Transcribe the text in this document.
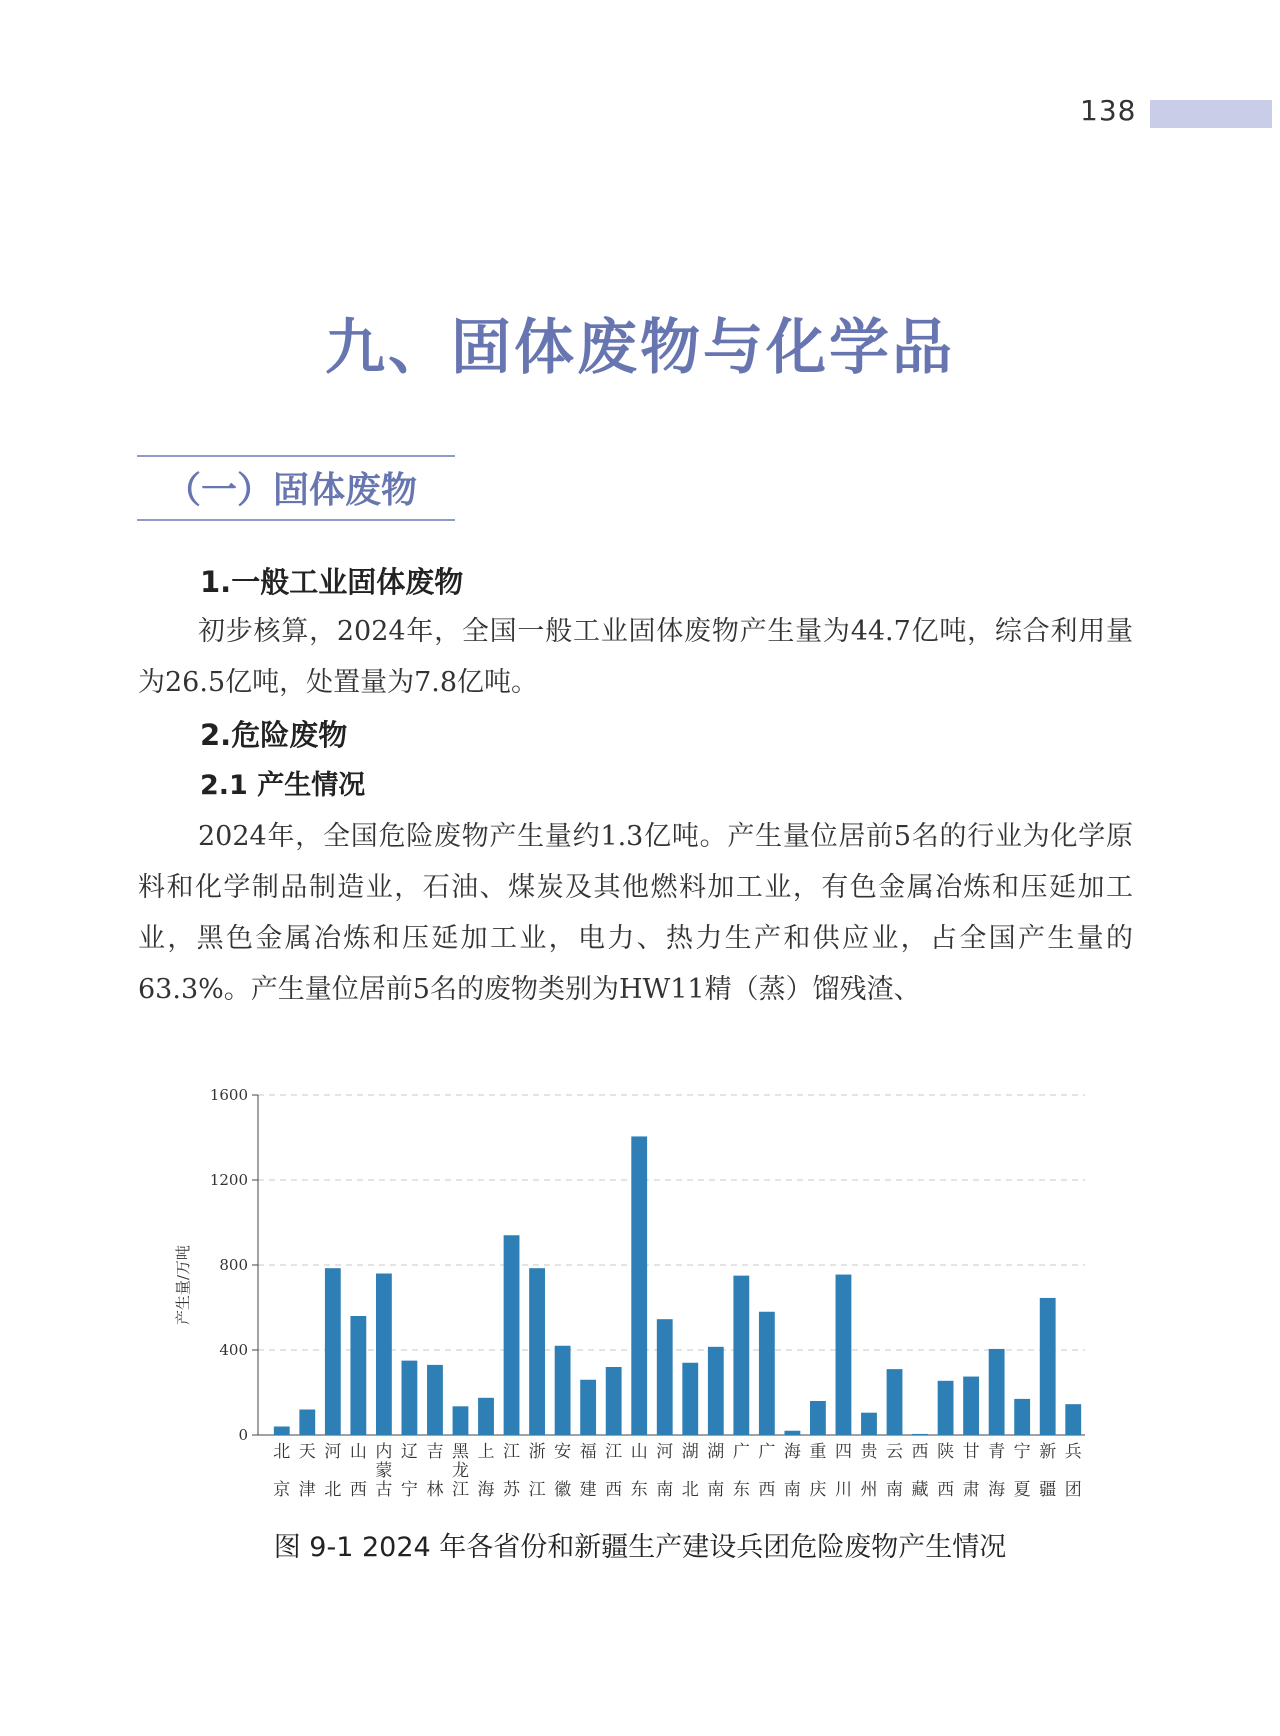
138
九、固体废物与化学品
（一）固体废物
1.一般工业固体废物

初步核算，2024年，全国一般工业固体废物产生量为44.7亿吨，综合利用量为26.5亿吨，处置量为7.8亿吨。

2.危险废物
2.1 产生情况

2024年，全国危险废物产生量约1.3亿吨。产生量位居前5名的行业为化学原料和化学制品制造业，石油、煤炭及其他燃料加工业，有色金属冶炼和压延加工业，黑色金属冶炼和压延加工业，电力、热力生产和供应业，占全国产生量的63.3%。产生量位居前5名的废物类别为HW11精（蒸）馏残渣、

0
400
800
1200
1600
产生量/万吨
北京
天津
河北
山西
内蒙古
辽宁
吉林
黑龙江
上海
江苏
浙江
安徽
福建
江西
山东
河南
湖北
湖南
广东
广西
海南
重庆
四川
贵州
云南
西藏
陕西
甘肃
青海
宁夏
新疆
兵团

图 9-1 2024 年各省份和新疆生产建设兵团危险废物产生情况
